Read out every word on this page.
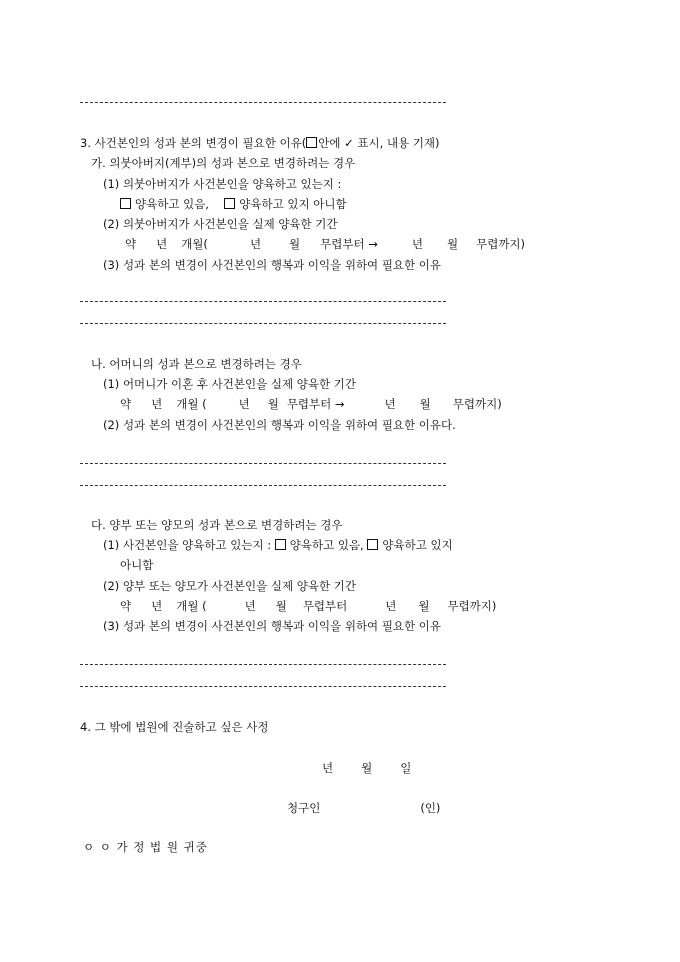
3. 사건본인의 성과 본의 변경이 필요한 이유( 안에 ✓ 표시, 내용 기재)
가. 의붓아버지(계부)의 성과 본으로 변경하려는 경우
(1) 의붓아버지가 사건본인을 양육하고 있는지 :
양육하고 있음,	양육하고 있지 아니함
(2) 의붓아버지가 사건본인을 실제 양육한 기간
약 년 개월(	년 월 무렵부터 →	년 월 무렵까지)
(3) 성과 본의 변경이 사건본인의 행복과 이익을 위하여 필요한 이유
나. 어머니의 성과 본으로 변경하려는 경우
(1) 어머니가 이혼 후 사건본인을 실제 양육한 기간
약 년 개월 (	년 월 무렵부터 →	년 월 무렵까지)
(2) 성과 본의 변경이 사건본인의 행복과 이익을 위하여 필요한 이유다.
다. 양부 또는 양모의 성과 본으로 변경하려는 경우
(1) 사건본인을 양육하고 있는지 : 양육하고 있음, 양육하고 있지
아니함
(2) 양부 또는 양모가 사건본인을 실제 양육한 기간
약 년 개월 (	년 월 무렵부터	년 월 무렵까지)
(3) 성과 본의 변경이 사건본인의 행복과 이익을 위하여 필요한 이유
4. 그 밖에 법원에 진술하고 싶은 사정
년 월 일
청구인	(인)
ㅇ ㅇ 가 정 법 원 귀중
